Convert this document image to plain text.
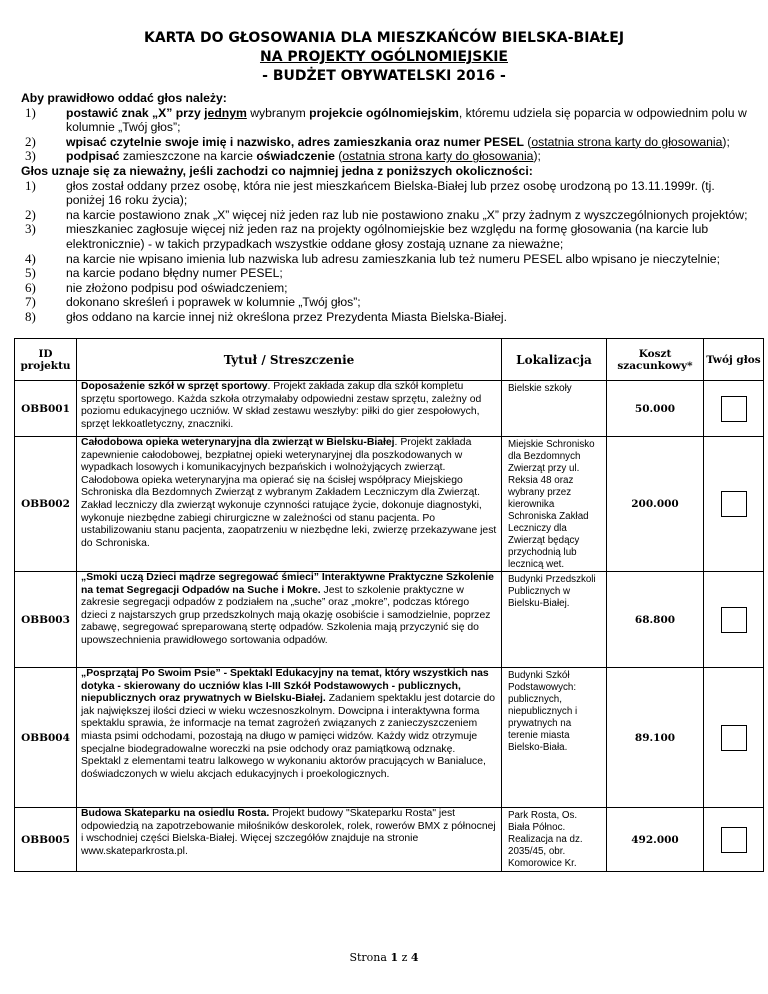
KARTA DO GŁOSOWANIA DLA MIESZKAŃCÓW BIELSKA-BIAŁEJ
NA PROJEKTY OGÓLNOMIEJSKIE
- BUDŻET OBYWATELSKI 2016 -
Aby prawidłowo oddać głos należy:
1) postawić znak „X” przy jednym wybranym projekcie ogólnomiejskim, któremu udziela się poparcia w odpowiednim polu w kolumnie „Twój głos”;
2) wpisać czytelnie swoje imię i nazwisko, adres zamieszkania oraz numer PESEL (ostatnia strona karty do głosowania);
3) podpisać zamieszczone na karcie oświadczenie (ostatnia strona karty do głosowania);
Głos uznaje się za nieważny, jeśli zachodzi co najmniej jedna z poniższych okoliczności:
1) głos został oddany przez osobę, która nie jest mieszkańcem Bielska-Białej lub przez osobę urodzoną po 13.11.1999r. (tj. poniżej 16 roku życia);
2) na karcie postawiono znak „X” więcej niż jeden raz lub nie postawiono znaku „X” przy żadnym z wyszczególnionych projektów;
3) mieszkaniec zagłosuje więcej niż jeden raz na projekty ogólnomiejskie bez względu na formę głosowania (na karcie lub elektronicznie) - w takich przypadkach wszystkie oddane głosy zostają uznane za nieważne;
4) na karcie nie wpisano imienia lub nazwiska lub adresu zamieszkania lub też numeru PESEL albo wpisano je nieczytelnie;
5) na karcie podano błędny numer PESEL;
6) nie złożono podpisu pod oświadczeniem;
7) dokonano skreśleń i poprawek w kolumnie „Twój głos”;
8) głos oddano na karcie innej niż określona przez Prezydenta Miasta Bielska-Białej.
ID projektu	Tytuł / Streszczenie	Lokalizacja	Koszt szacunkowy*	Twój głos
OBB001	Doposażenie szkół w sprzęt sportowy. Projekt zakłada zakup dla szkół kompletu sprzętu sportowego. Każda szkoła otrzymałaby odpowiedni zestaw sprzętu, zależny od poziomu edukacyjnego uczniów. W skład zestawu weszłyby: piłki do gier zespołowych, sprzęt lekkoatletyczny, znaczniki.	Bielskie szkoły	50.000	

OBB002	Całodobowa opieka weterynaryjna dla zwierząt w Bielsku-Białej. Projekt zakłada zapewnienie całodobowej, bezpłatnej opieki weterynaryjnej dla poszkodowanych w wypadkach losowych i komunikacyjnych bezpańskich i wolnożyjących zwierząt. Całodobowa opieka weterynaryjna ma opierać się na ścisłej współpracy Miejskiego Schroniska dla Bezdomnych Zwierząt z wybranym Zakładem Leczniczym dla Zwierząt. Zakład leczniczy dla zwierząt wykonuje czynności ratujące życie, dokonuje diagnostyki, wykonuje niezbędne zabiegi chirurgiczne w zależności od stanu pacjenta. Po ustabilizowaniu stanu pacjenta, zaopatrzeniu w niezbędne leki, zwierzę przekazywane jest do Schroniska.	Miejskie Schronisko dla Bezdomnych Zwierząt przy ul. Reksia 48 oraz wybrany przez kierownika Schroniska Zakład Leczniczy dla Zwierząt będący przychodnią lub lecznicą wet.	200.000	

OBB003	„Smoki uczą Dzieci mądrze segregować śmieci” Interaktywne Praktyczne Szkolenie na temat Segregacji Odpadów na Suche i Mokre. Jest to szkolenie praktyczne w zakresie segregacji odpadów z podziałem na „suche” oraz „mokre”, podczas którego dzieci z najstarszych grup przedszkolnych mają okazję osobiście i samodzielnie, poprzez zabawę, segregować spreparowaną stertę odpadów. Szkolenia mają przyczynić się do upowszechnienia prawidłowego sortowania odpadów.	Budynki Przedszkoli Publicznych w Bielsku-Białej.	68.800	

OBB004	„Posprzątaj Po Swoim Psie” - Spektakl Edukacyjny na temat, który wszystkich nas dotyka - skierowany do uczniów klas I-III Szkół Podstawowych - publicznych, niepublicznych oraz prywatnych w Bielsku-Białej. Zadaniem spektaklu jest dotarcie do jak największej ilości dzieci w wieku wczesnoszkolnym. Dowcipna i interaktywna forma spektaklu sprawia, że informacje na temat zagrożeń związanych z zanieczyszczeniem miasta psimi odchodami, pozostają na długo w pamięci widzów. Każdy widz otrzymuje specjalne biodegradowalne woreczki na psie odchody oraz pamiątkową odznakę. Spektakl z elementami teatru lalkowego w wykonaniu aktorów pracujących w Banialuce, doświadczonych w wielu akcjach edukacyjnych i proekologicznych.	Budynki Szkół Podstawowych: publicznych, niepublicznych i prywatnych na terenie miasta Bielsko-Biała.	89.100	

OBB005	Budowa Skateparku na osiedlu Rosta. Projekt budowy "Skateparku Rosta" jest odpowiedzią na zapotrzebowanie miłośników deskorolek, rolek, rowerów BMX z północnej i wschodniej części Bielska-Białej. Więcej szczegółów znajduje na stronie www.skateparkrosta.pl.	Park Rosta, Os. Biała Północ. Realizacja na dz. 2035/45, obr. Komorowice Kr.	492.000	
Strona 1 z 4
